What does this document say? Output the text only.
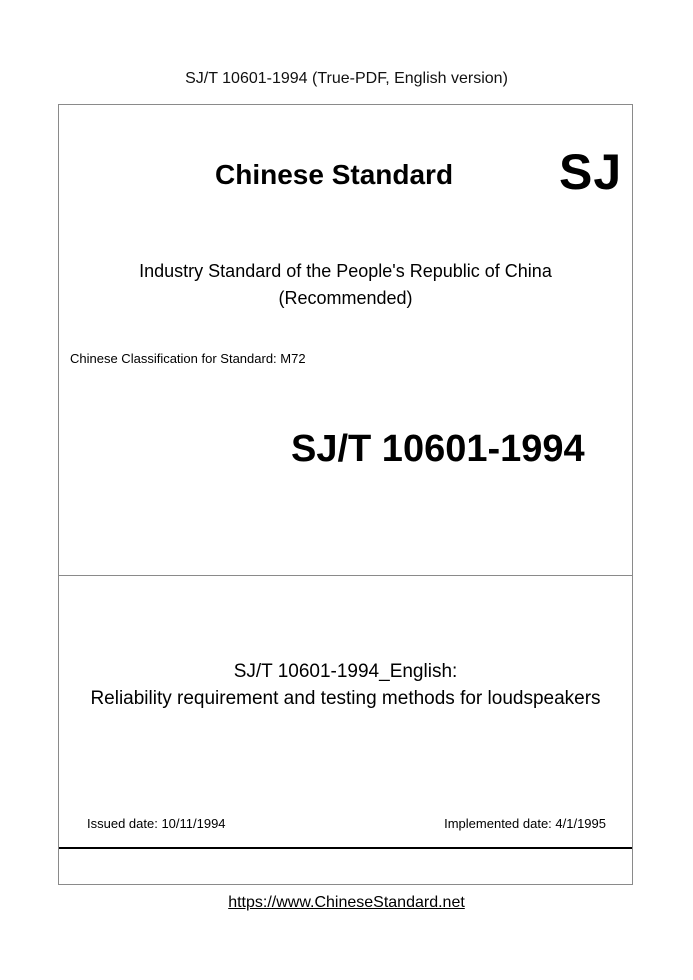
SJ/T 10601-1994 (True-PDF, English version)
Chinese Standard SJ
Industry Standard of the People's Republic of China
(Recommended)
Chinese Classification for Standard: M72
SJ/T 10601-1994
SJ/T 10601-1994_English:
Reliability requirement and testing methods for loudspeakers
Issued date: 10/11/1994	Implemented date: 4/1/1995
https://www.ChineseStandard.net
